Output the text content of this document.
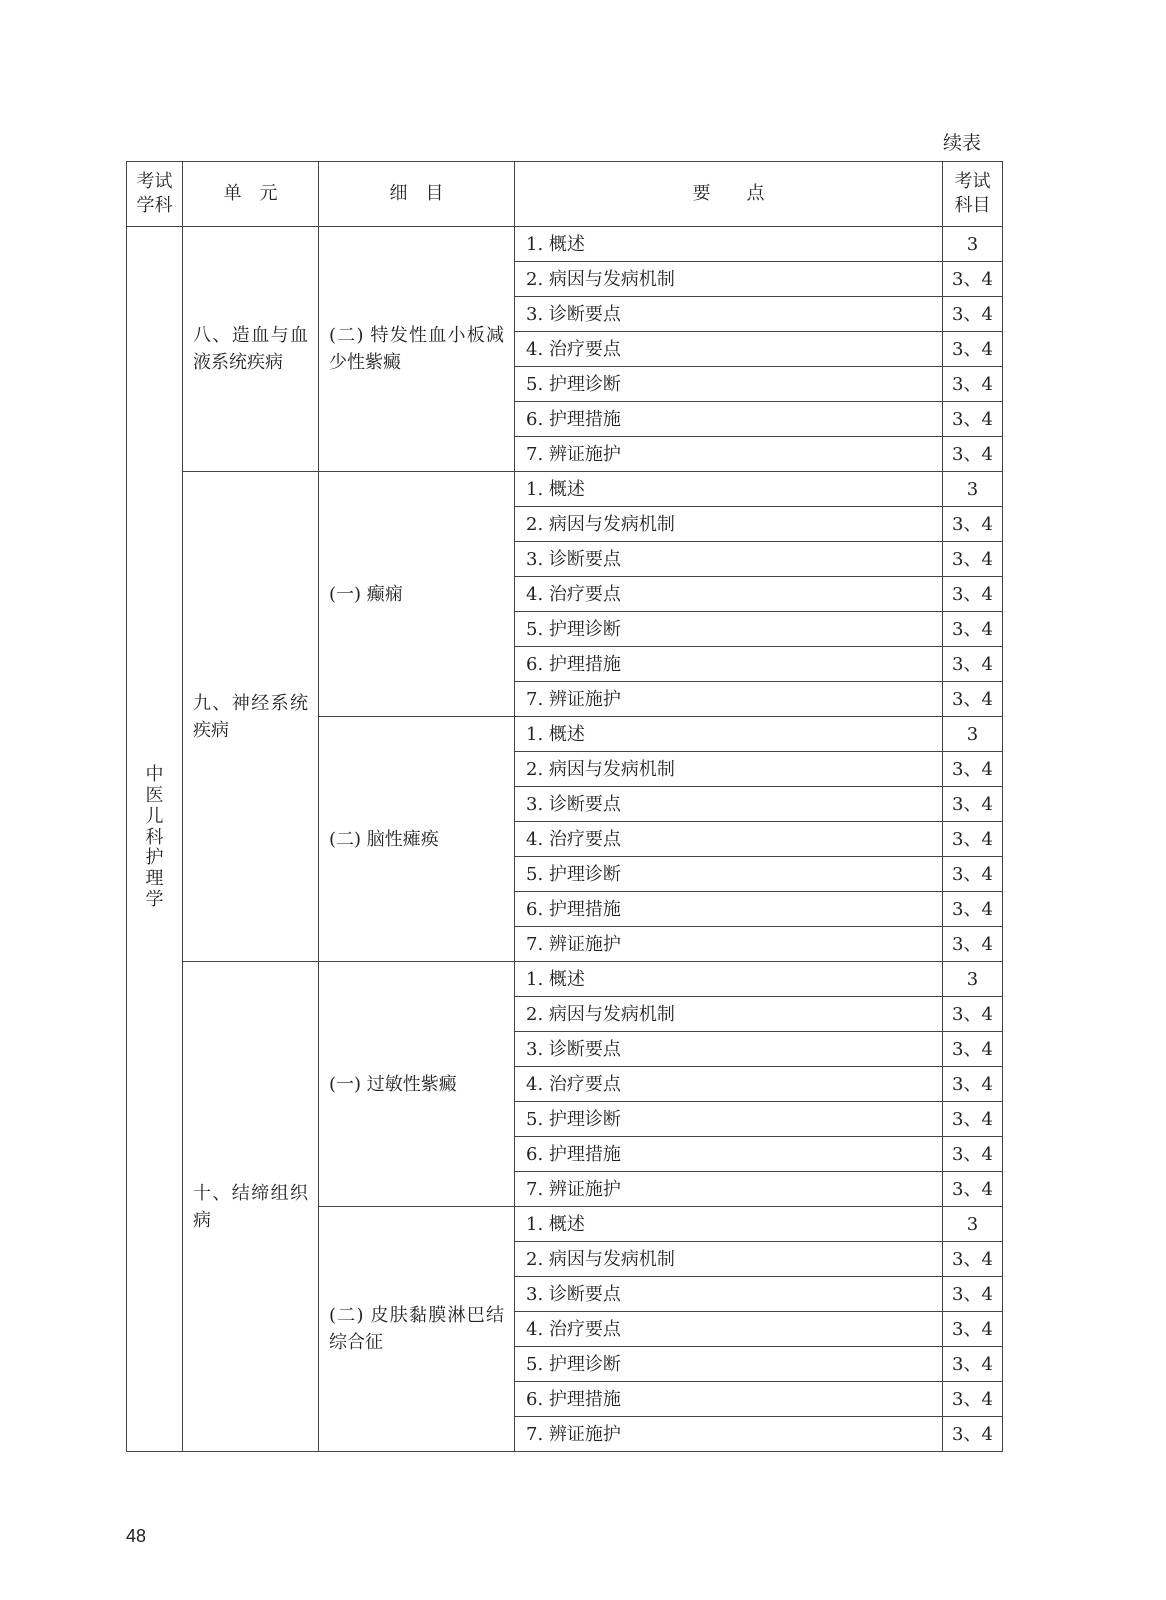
续表
考试学科	单　元	细　目	要　　点	考试科目
中医儿科护理学	八、造血与血液系统疾病	(二) 特发性血小板减少性紫癜	1. 概述	3
			2. 病因与发病机制	3、4
			3. 诊断要点	3、4
			4. 治疗要点	3、4
			5. 护理诊断	3、4
			6. 护理措施	3、4
			7. 辨证施护	3、4
	九、神经系统疾病	(一) 癫痫	1. 概述	3
			2. 病因与发病机制	3、4
			3. 诊断要点	3、4
			4. 治疗要点	3、4
			5. 护理诊断	3、4
			6. 护理措施	3、4
			7. 辨证施护	3、4
		(二) 脑性瘫痪	1. 概述	3
			2. 病因与发病机制	3、4
			3. 诊断要点	3、4
			4. 治疗要点	3、4
			5. 护理诊断	3、4
			6. 护理措施	3、4
			7. 辨证施护	3、4
	十、结缔组织病	(一) 过敏性紫癜	1. 概述	3
			2. 病因与发病机制	3、4
			3. 诊断要点	3、4
			4. 治疗要点	3、4
			5. 护理诊断	3、4
			6. 护理措施	3、4
			7. 辨证施护	3、4
		(二) 皮肤黏膜淋巴结综合征	1. 概述	3
			2. 病因与发病机制	3、4
			3. 诊断要点	3、4
			4. 治疗要点	3、4
			5. 护理诊断	3、4
			6. 护理措施	3、4
			7. 辨证施护	3、4
48
